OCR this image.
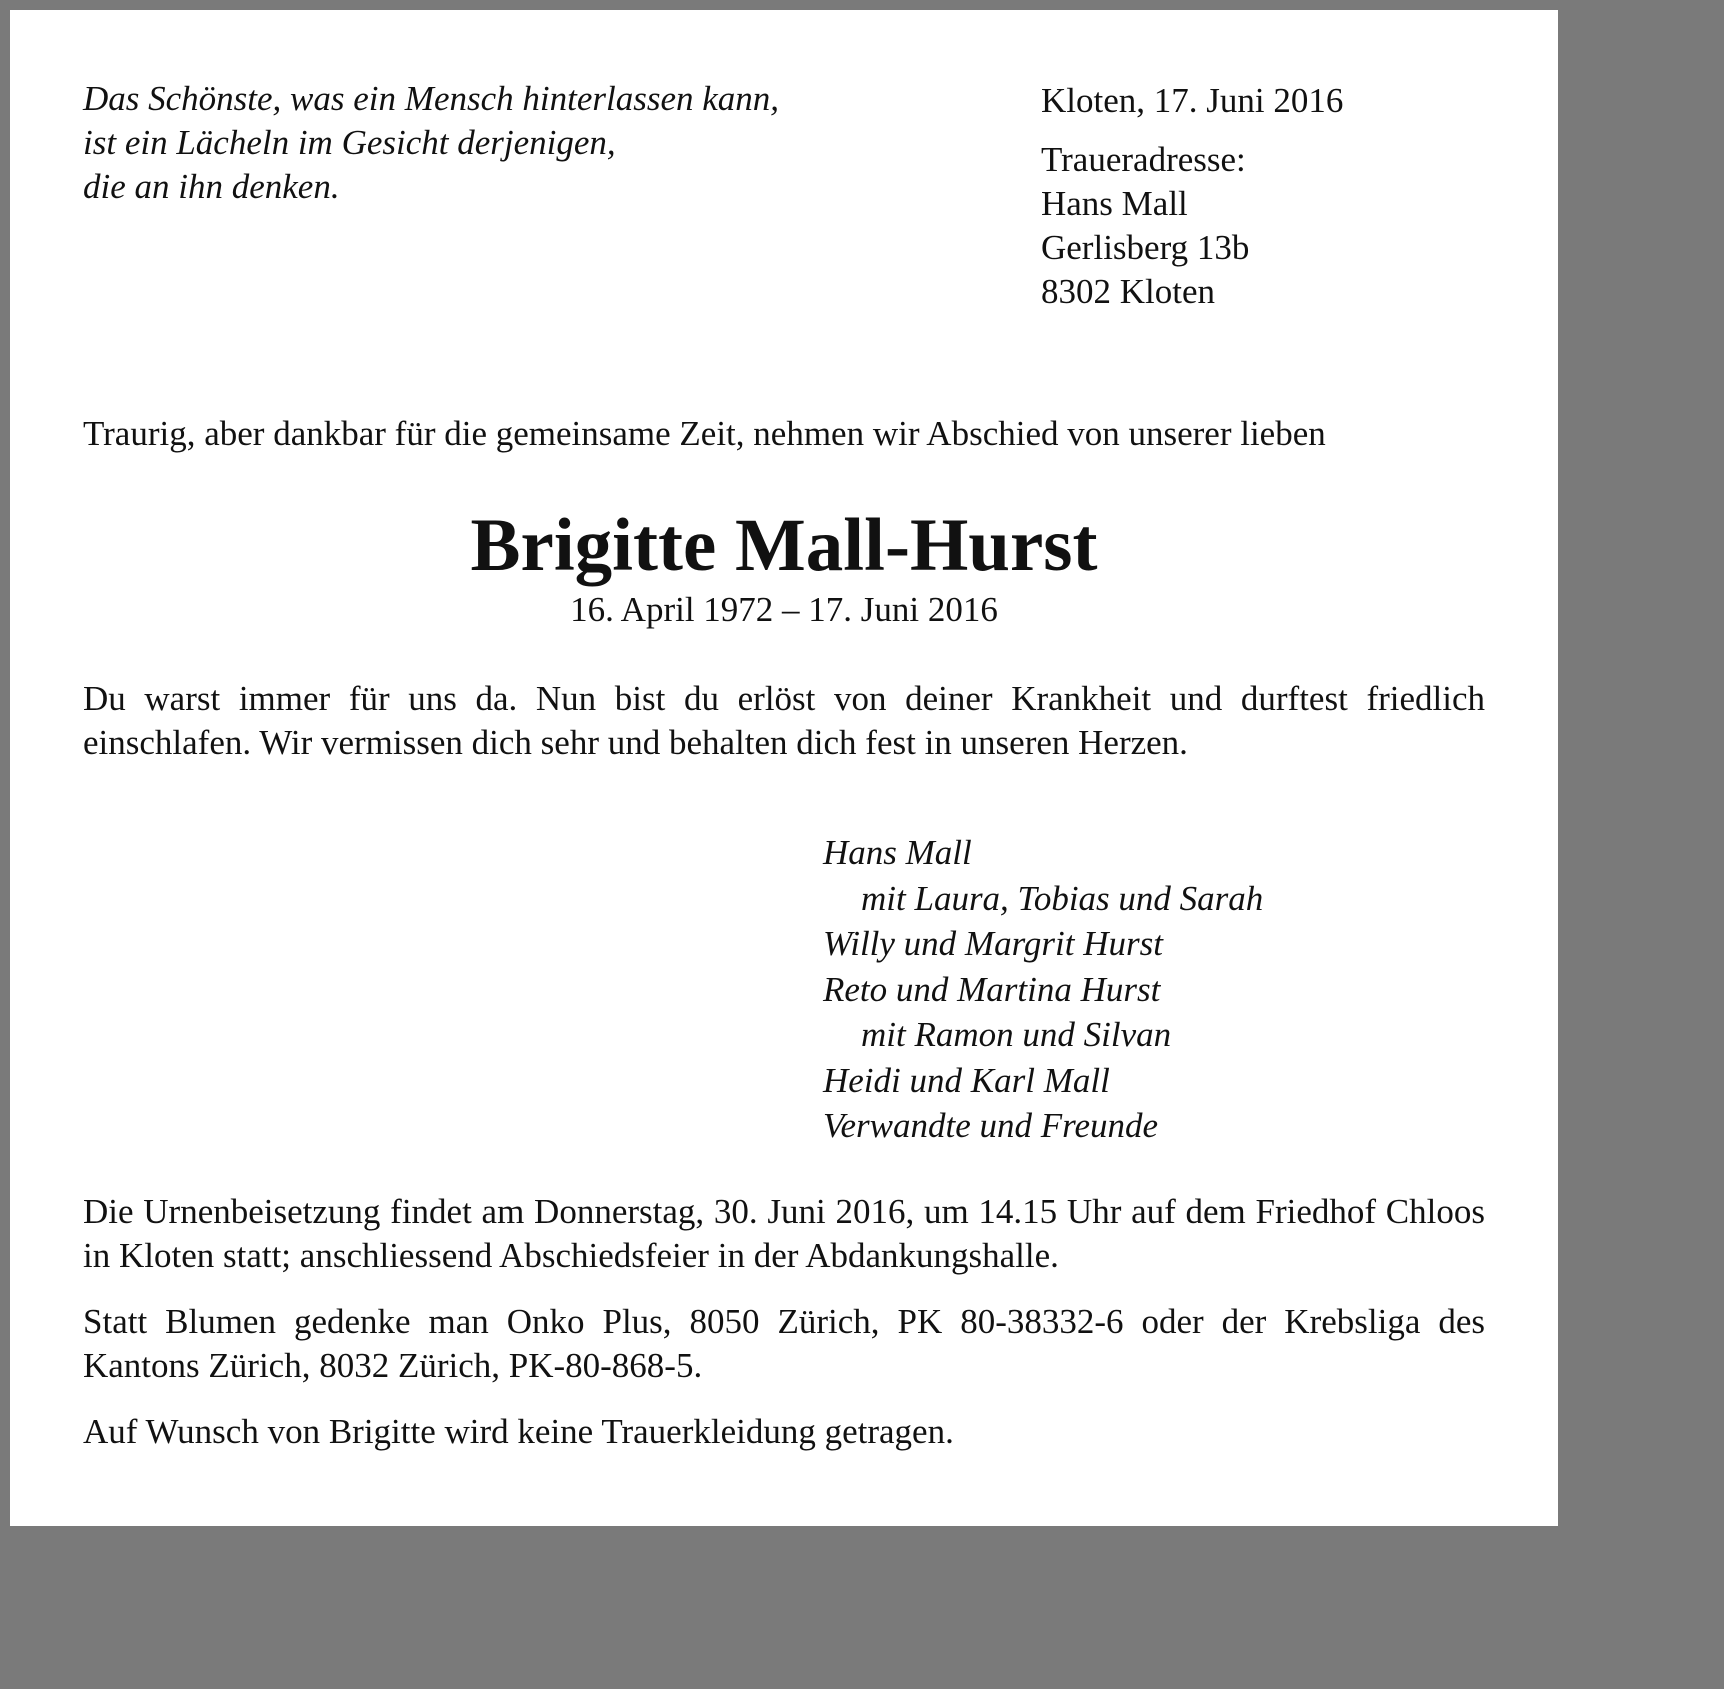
Das Schönste, was ein Mensch hinterlassen kann,
ist ein Lächeln im Gesicht derjenigen,
die an ihn denken.
Kloten, 17. Juni 2016
Traueradresse:
Hans Mall
Gerlisberg 13b
8302 Kloten
Traurig, aber dankbar für die gemeinsame Zeit, nehmen wir Abschied von unserer lieben
Brigitte Mall-Hurst
16. April 1972 – 17. Juni 2016
Du warst immer für uns da. Nun bist du erlöst von deiner Krankheit und durftest friedlich einschlafen. Wir vermissen dich sehr und behalten dich fest in unseren Herzen.
Hans Mall
mit Laura, Tobias und Sarah
Willy und Margrit Hurst
Reto und Martina Hurst
mit Ramon und Silvan
Heidi und Karl Mall
Verwandte und Freunde
Die Urnenbeisetzung findet am Donnerstag, 30. Juni 2016, um 14.15 Uhr auf dem Friedhof Chloos in Kloten statt; anschliessend Abschiedsfeier in der Abdankungshalle.
Statt Blumen gedenke man Onko Plus, 8050 Zürich, PK 80-38332-6 oder der Krebsliga des Kantons Zürich, 8032 Zürich, PK-80-868-5.
Auf Wunsch von Brigitte wird keine Trauerkleidung getragen.
